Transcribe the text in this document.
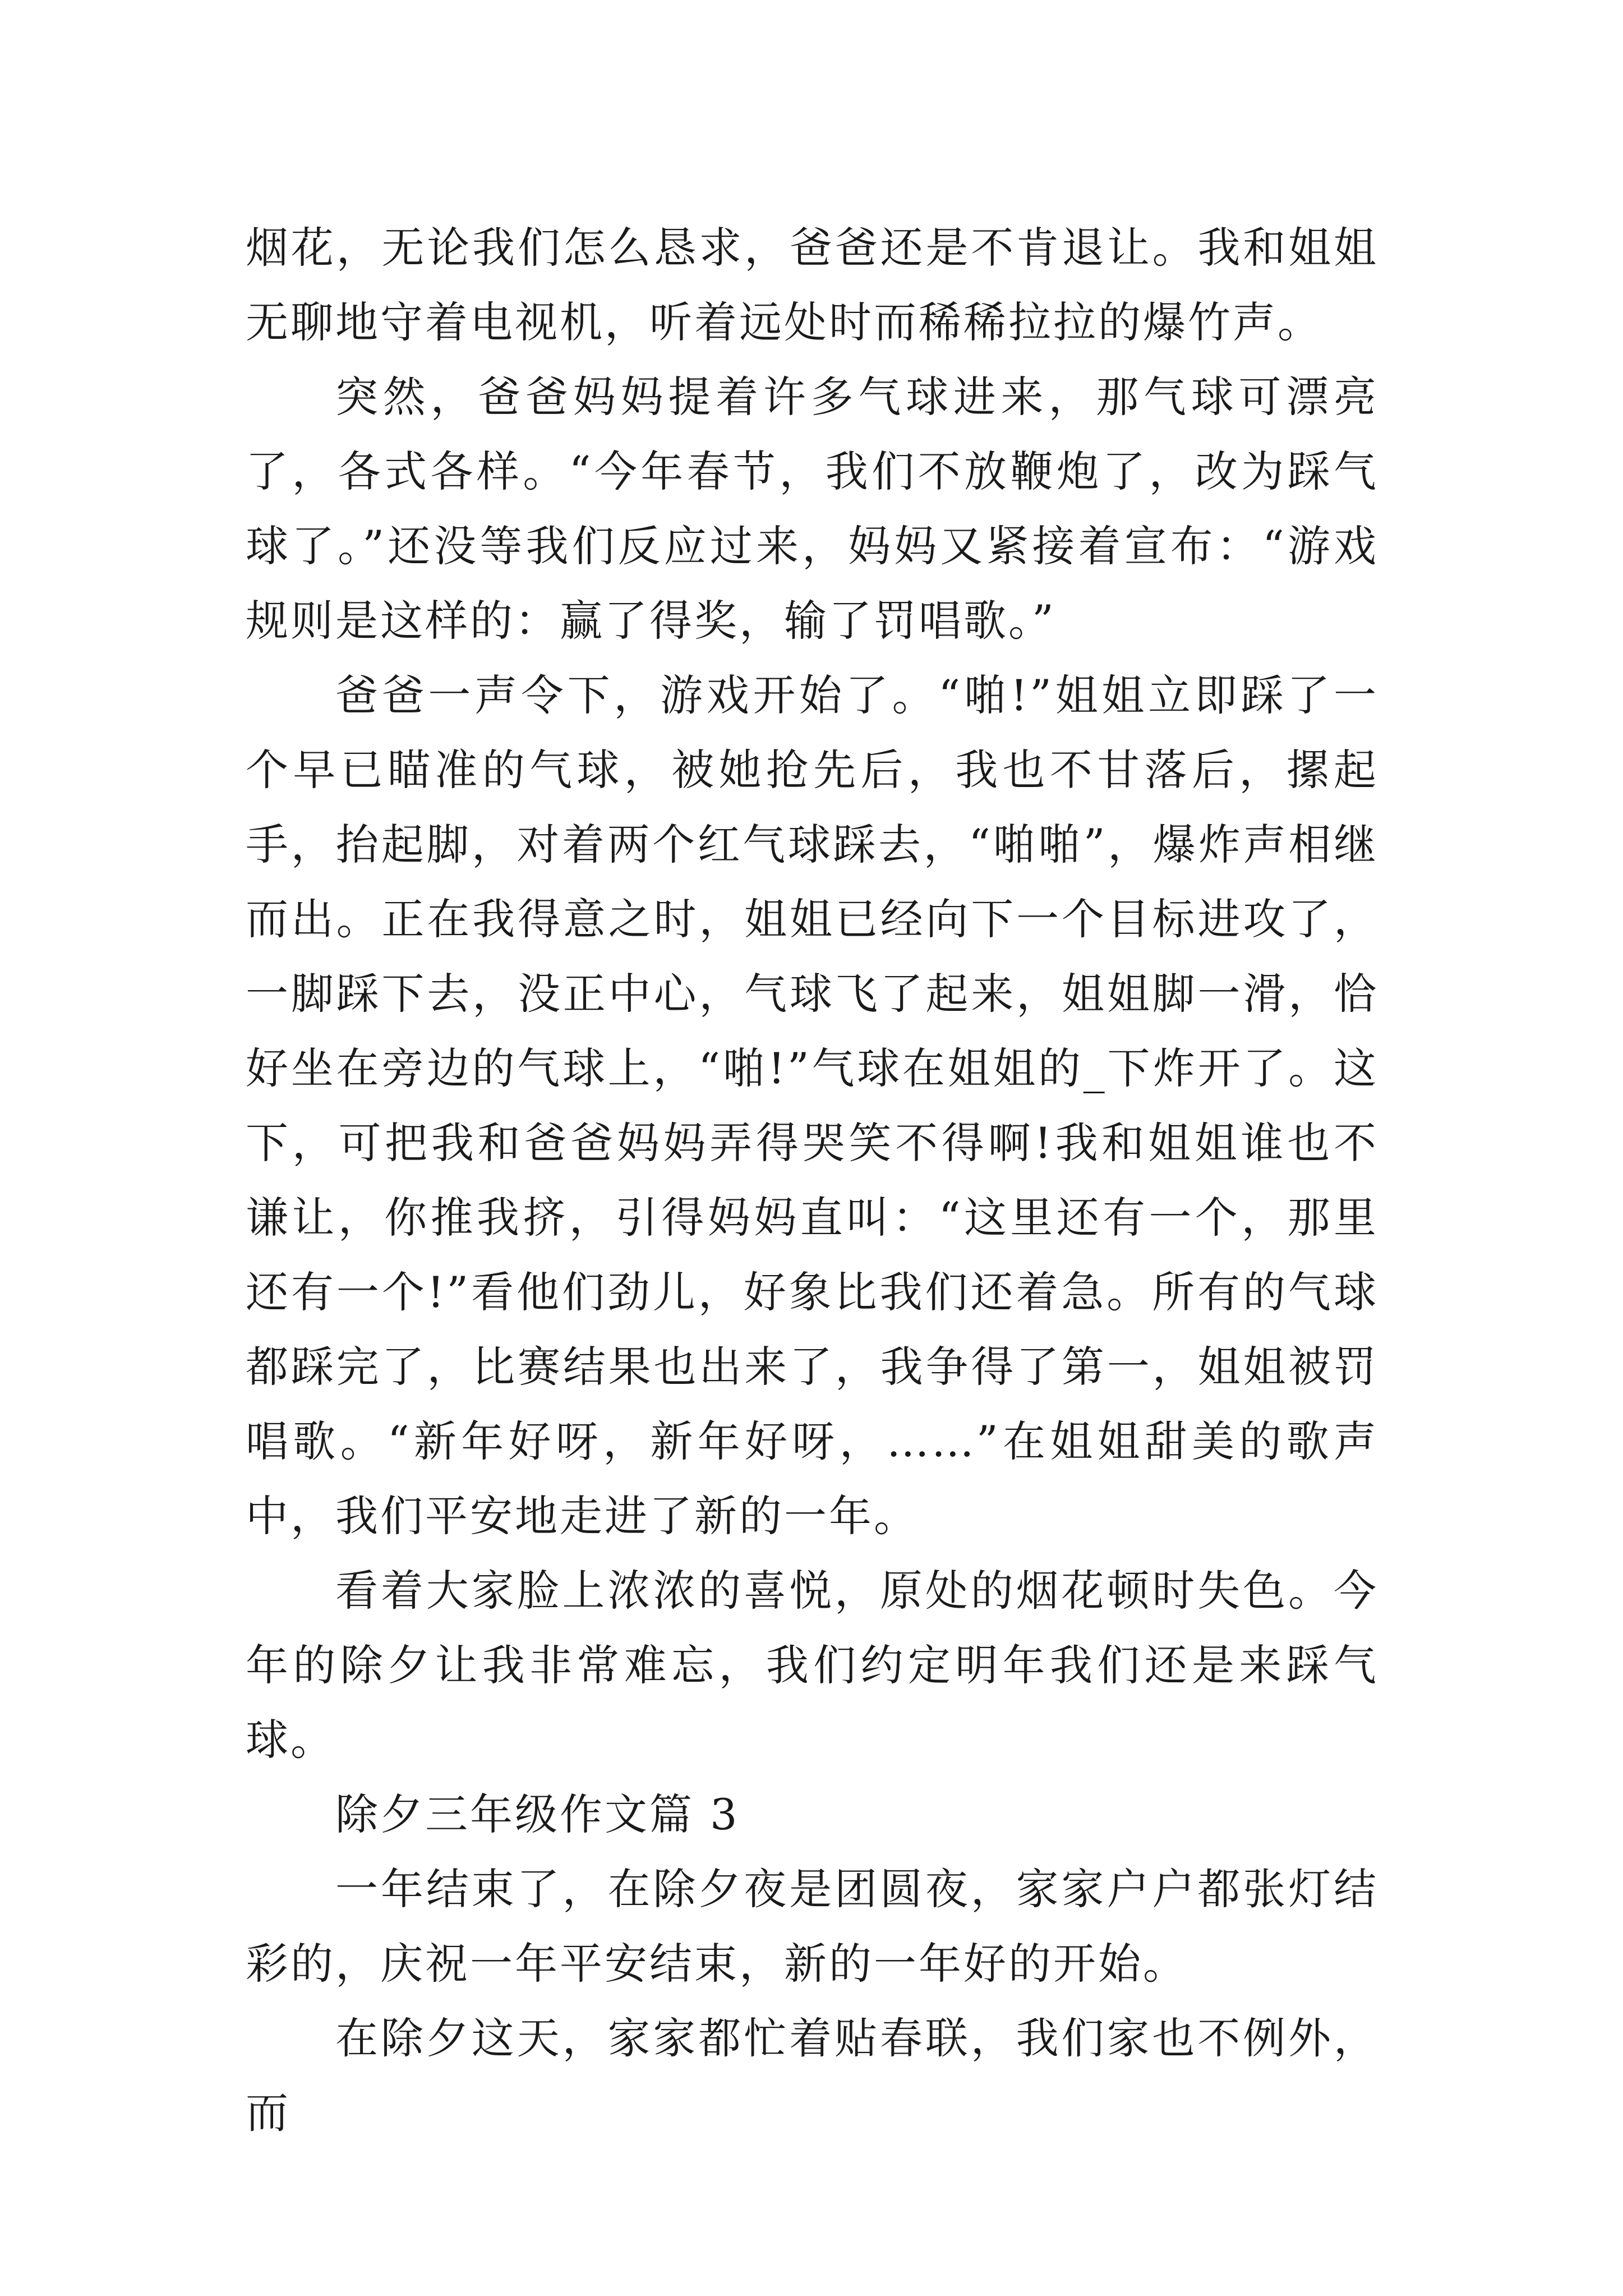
烟花，无论我们怎么恳求，爸爸还是不肯退让。我和姐姐无聊地守着电视机，听着远处时而稀稀拉拉的爆竹声。

突然，爸爸妈妈提着许多气球进来，那气球可漂亮了，各式各样。“今年春节，我们不放鞭炮了，改为踩气球了。”还没等我们反应过来，妈妈又紧接着宣布：“游戏规则是这样的：赢了得奖，输了罚唱歌。”

爸爸一声令下，游戏开始了。“啪!”姐姐立即踩了一个早已瞄准的气球，被她抢先后，我也不甘落后，摞起手，抬起脚，对着两个红气球踩去，“啪啪”，爆炸声相继而出。正在我得意之时，姐姐已经向下一个目标进攻了，一脚踩下去，没正中心，气球飞了起来，姐姐脚一滑，恰好坐在旁边的气球上，“啪!”气球在姐姐的_下炸开了。这下，可把我和爸爸妈妈弄得哭笑不得啊!我和姐姐谁也不谦让，你推我挤，引得妈妈直叫：“这里还有一个，那里还有一个!”看他们劲儿，好象比我们还着急。所有的气球都踩完了，比赛结果也出来了，我争得了第一，姐姐被罚唱歌。“新年好呀，新年好呀，……”在姐姐甜美的歌声中，我们平安地走进了新的一年。

看着大家脸上浓浓的喜悦，原处的烟花顿时失色。今年的除夕让我非常难忘，我们约定明年我们还是来踩气球。

除夕三年级作文篇 3

一年结束了，在除夕夜是团圆夜，家家户户都张灯结彩的，庆祝一年平安结束，新的一年好的开始。

在除夕这天，家家都忙着贴春联，我们家也不例外，而
